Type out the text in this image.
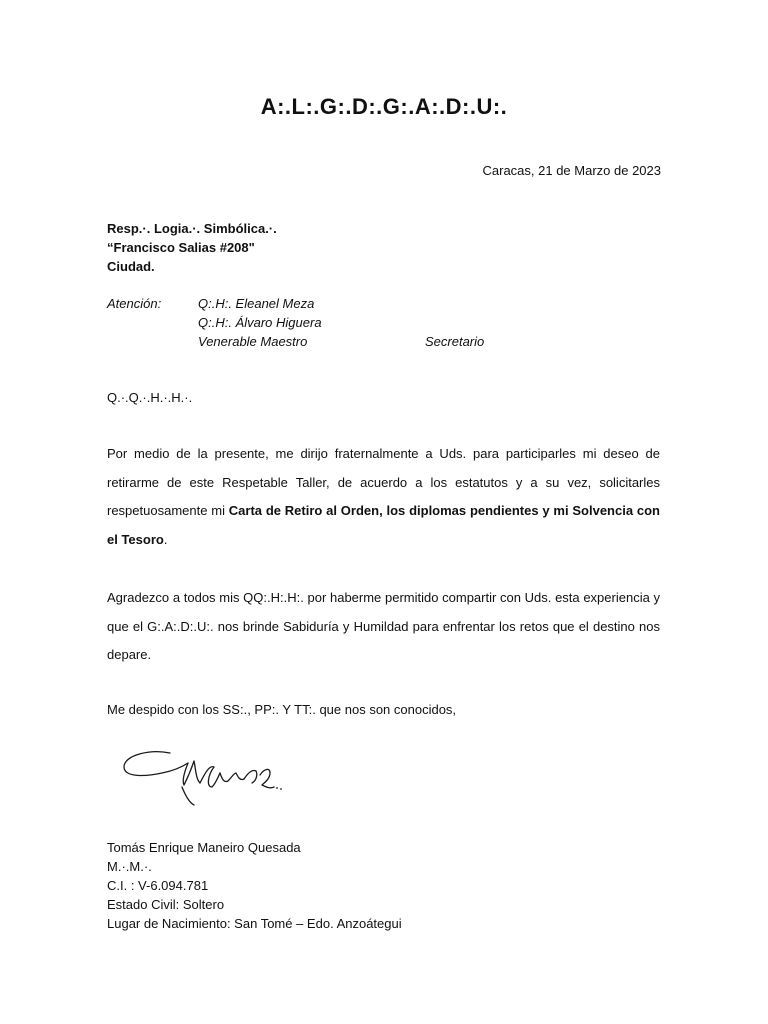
A:.L:.G:.D:.G:.A:.D:.U:.
Caracas, 21 de Marzo de 2023
Resp.·. Logia.·. Simbólica.·.
“Francisco Salias #208"
Ciudad.
Atención:	Q:.H:. Eleanel Meza
Q:.H:. Álvaro Higuera
Venerable Maestro	Secretario
Q.·.Q.·.H.·.H.·.
Por medio de la presente, me dirijo fraternalmente a Uds. para participarles mi deseo de retirarme de este Respetable Taller, de acuerdo a los estatutos y a su vez, solicitarles respetuosamente mi Carta de Retiro al Orden, los diplomas pendientes y mi Solvencia con el Tesoro.
Agradezco a todos mis QQ:.H:.H:. por haberme permitido compartir con Uds. esta experiencia y que el G:.A:.D:.U:. nos brinde Sabiduría y Humildad para enfrentar los retos que el destino nos depare.
Me despido con los SS:., PP:. Y TT:. que nos son conocidos,
Tomás Enrique Maneiro Quesada
M.·.M.·.
C.I. : V-6.094.781
Estado Civil: Soltero
Lugar de Nacimiento: San Tomé – Edo. Anzoátegui
